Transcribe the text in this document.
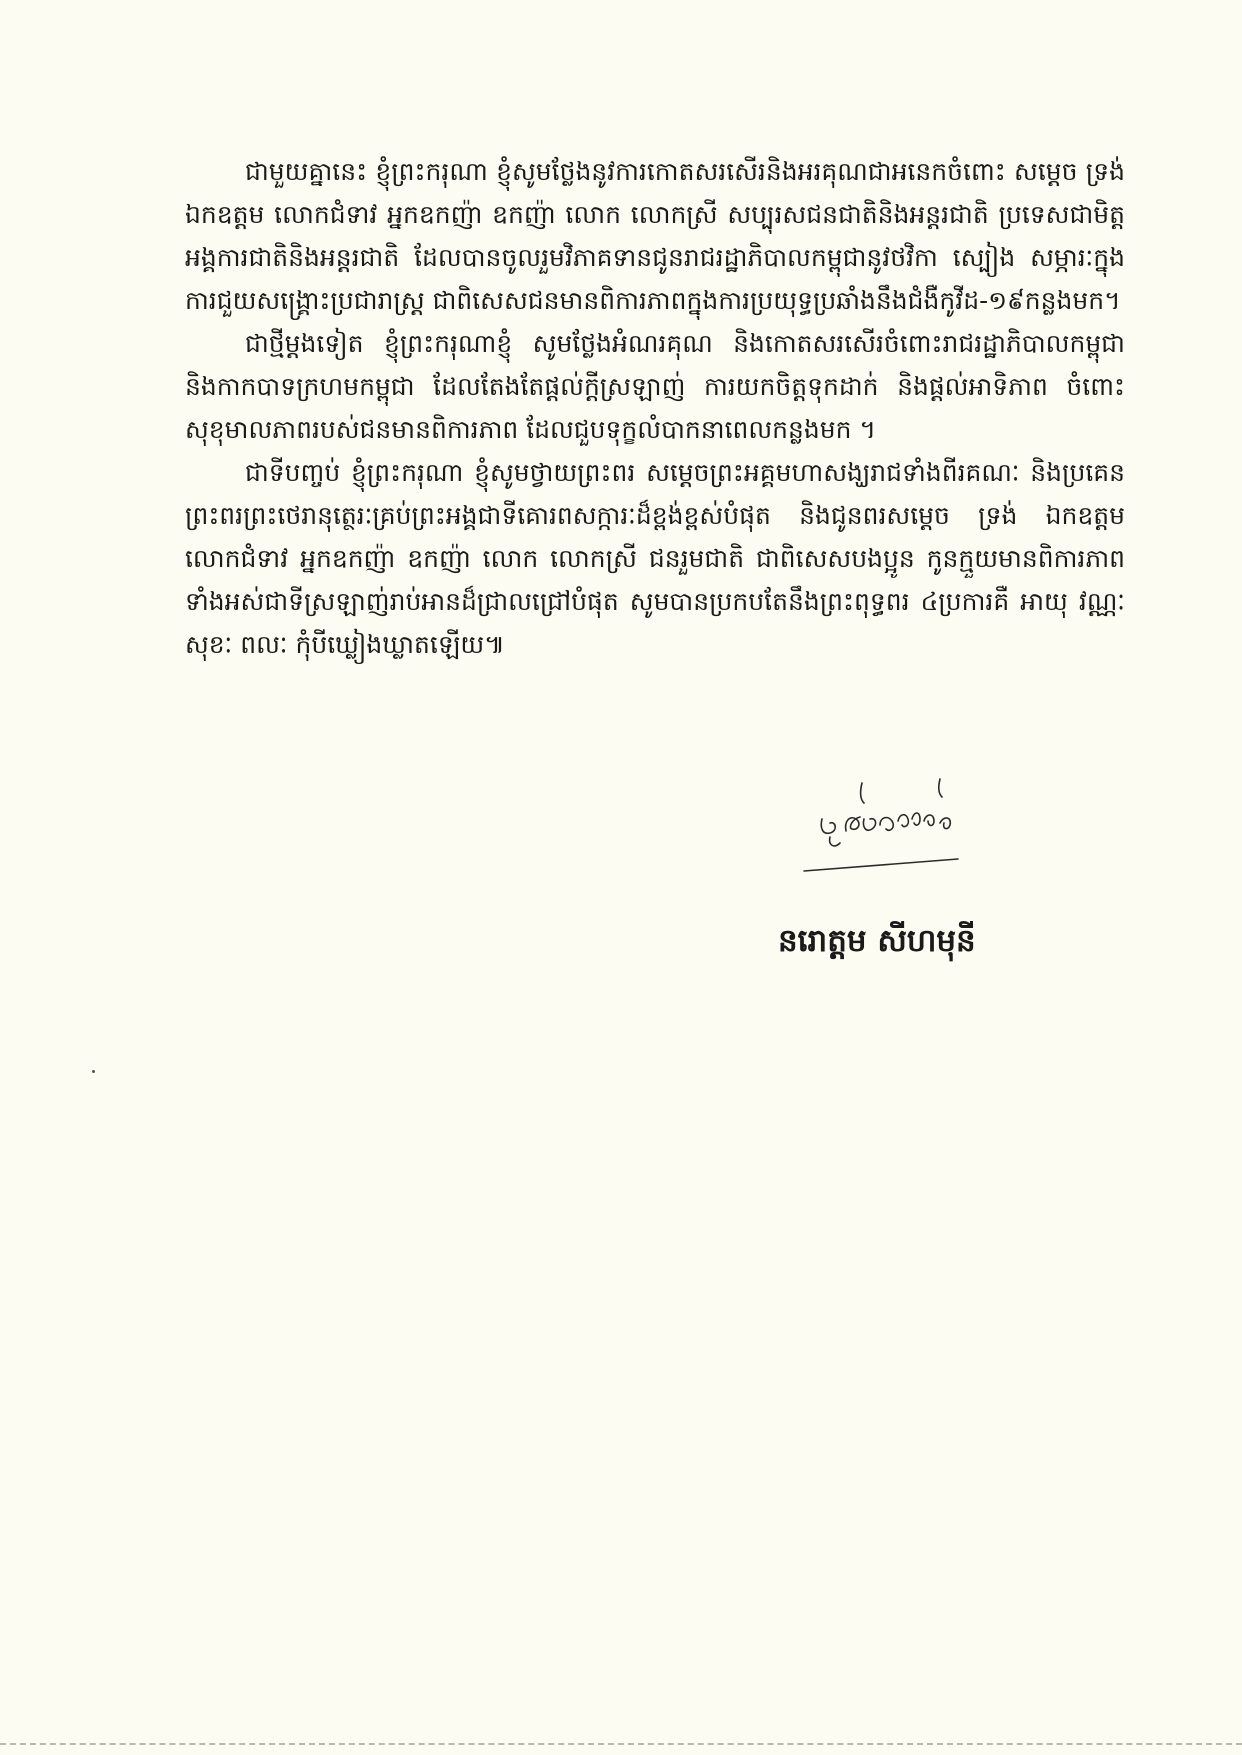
ជាមួយគ្នានេះ ខ្ញុំព្រះករុណា ខ្ញុំសូមថ្លែងនូវការកោតសរសើរនិងអរគុណជាអនេកចំពោះ សម្តេច ទ្រង់ ឯកឧត្តម លោកជំទាវ អ្នកឧកញ៉ា ឧកញ៉ា លោក លោកស្រី សប្បុរសជនជាតិនិងអន្តរជាតិ ប្រទេសជាមិត្ត អង្គការជាតិនិងអន្តរជាតិ ដែលបានចូលរួមវិភាគទានជូនរាជរដ្ឋាភិបាលកម្ពុជានូវថវិកា ស្បៀង សម្ភារៈក្នុងការជួយសង្គ្រោះប្រជារាស្ត្រ ជាពិសេសជនមានពិការភាពក្នុងការប្រយុទ្ធប្រឆាំងនឹងជំងឺកូវីដ-១៩កន្លងមក។

ជាថ្មីម្តងទៀត ខ្ញុំព្រះករុណាខ្ញុំ សូមថ្លែងអំណរគុណ និងកោតសរសើរចំពោះរាជរដ្ឋាភិបាលកម្ពុជា និងកាកបាទក្រហមកម្ពុជា ដែលតែងតែផ្តល់ក្តីស្រឡាញ់ ការយកចិត្តទុកដាក់ និងផ្តល់អាទិភាព ចំពោះសុខុមាលភាពរបស់ជនមានពិការភាព ដែលជួបទុក្ខលំបាកនាពេលកន្លងមក ។

ជាទីបញ្ចប់ ខ្ញុំព្រះករុណា ខ្ញុំសូមថ្វាយព្រះពរ សម្តេចព្រះអគ្គមហាសង្ឃរាជទាំងពីរគណៈ និងប្រគេនព្រះពរព្រះថេរានុត្ថេរៈគ្រប់ព្រះអង្គជាទីគោរពសក្ការៈដ៏ខ្ពង់ខ្ពស់បំផុត និងជូនពរសម្តេច ទ្រង់ ឯកឧត្តម លោកជំទាវ អ្នកឧកញ៉ា ឧកញ៉ា លោក លោកស្រី ជនរួមជាតិ ជាពិសេសបងប្អូន កូនក្មួយមានពិការភាពទាំងអស់ជាទីស្រឡាញ់រាប់អានដ៏ជ្រាលជ្រៅបំផុត សូមបានប្រកបតែនឹងព្រះពុទ្ធពរ ៤ប្រការគឺ អាយុ វណ្ណៈ សុខៈ ពលៈ កុំបីឃ្លៀងឃ្លាតឡើយ៕

នរោត្តម សីហមុនី
